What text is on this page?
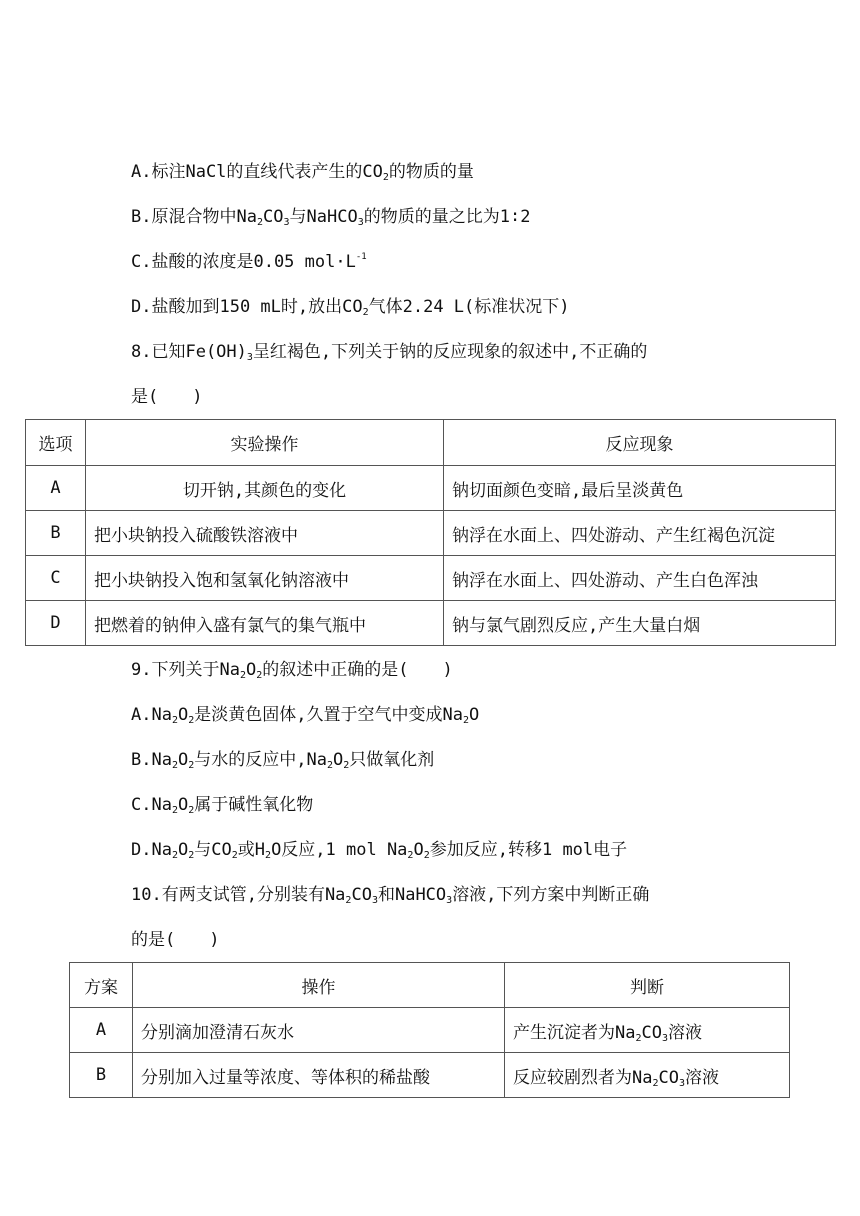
A.标注NaCl的直线代表产生的$CO_2$的物质的量
B.原混合物中$Na_2CO_3$与NaHCO$_3$的物质的量之比为1∶2
C.盐酸的浓度是0.05 $mol\cdot L^{-1}$
D.盐酸加到150 mL时,放出$CO_2$气体2.24 L(标准状况下)
8.已知$Fe(OH)_3$呈红褐色,下列关于钠的反应现象的叙述中,不正确的
是(　　)
选项	实验操作	反应现象
A	切开钠,其颜色的变化	钠切面颜色变暗,最后呈淡黄色
B	把小块钠投入硫酸铁溶液中	钠浮在水面上、四处游动、产生红褐色沉淀
C	把小块钠投入饱和氢氧化钠溶液中	钠浮在水面上、四处游动、产生白色浑浊
D	把燃着的钠伸入盛有氯气的集气瓶中	钠与氯气剧烈反应,产生大量白烟
9.下列关于$Na_2O_2$的叙述中正确的是(　　)
$A.Na_2O_2$是淡黄色固体,久置于空气中变成$Na_2O$
$B.Na_2O_2$与水的反应中$,Na_2O_2$只做氧化剂
$C.Na_2O_2$属于碱性氧化物
$D.Na_2O_2$与$CO_2$或$H_2O$反应,1 mol $Na_2O_2$参加反应,转移1 mol电子
10.有两支试管,分别装有$Na_2CO_3$和NaHCO$_3$溶液,下列方案中判断正确
的是(　　)
方案	操作	判断
A	分别滴加澄清石灰水	产生沉淀者为$Na_2CO_3$溶液
B	分别加入过量等浓度、等体积的稀盐酸	反应较剧烈者为$Na_2CO_3$溶液
